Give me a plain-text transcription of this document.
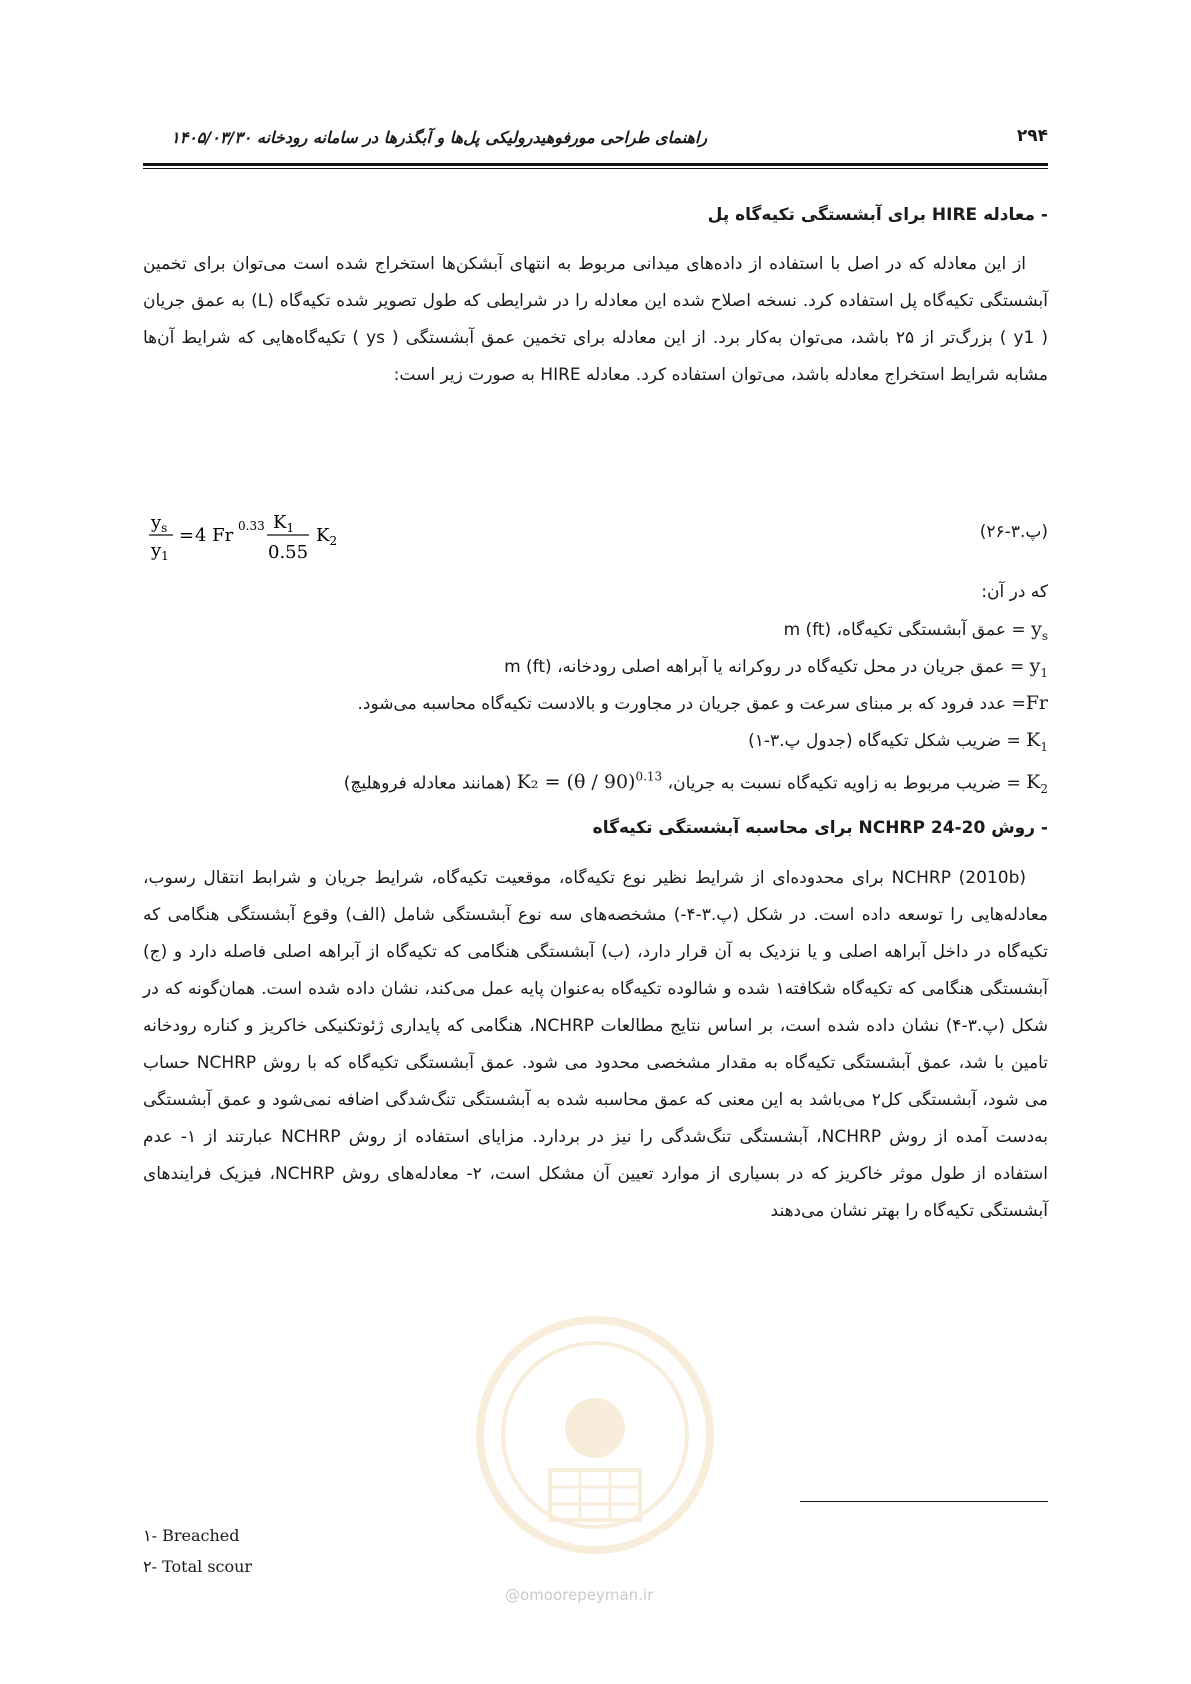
۲۹۴
راهنمای طراحی مورفوهیدرولیکی پل‌ها و آبگذرها در سامانه رودخانه ۱۴۰۵/۰۳/۳۰
- معادله HIRE برای آبشستگی تکیه‌گاه پل

از این معادله که در اصل با استفاده از داده‌های میدانی مربوط به انتهای آبشکن‌ها استخراج شده است می‌توان برای تخمین آبشستگی تکیه‌گاه پل استفاده کرد. نسخه اصلاح شده این معادله را در شرایطی که طول تصویر شده تکیه‌گاه (L) به عمق جریان ( y1 ) بزرگ‌تر از ۲۵ باشد، می‌توان به‌کار برد. از این معادله برای تخمین عمق آبشستگی ( ys ) تکیه‌گاه‌هایی که شرایط آن‌ها مشابه شرایط استخراج معادله باشد، می‌توان استفاده کرد. معادله HIRE به صورت زیر است:

$y_s$
$y_1$
= 4 Fr 0.33 $K_1$
0.55
$K_2$	(پ.۳-۲۶)
که در آن:
$y_s$ = عمق آبشستگی تکیه‌گاه، (ft) m
$y_1$ = عمق جریان در محل تکیه‌گاه در روکرانه یا آبراهه اصلی رودخانه، (ft) m
Fr= عدد فرود که بر مبنای سرعت و عمق جریان در مجاورت و بالادست تکیه‌گاه محاسبه می‌شود.
$K_1$ = ضریب شکل تکیه‌گاه (جدول پ.۳-۱)
$K_2$ = ضریب مربوط به زاویه تکیه‌گاه نسبت به جریان، K₂ = (θ / 90)$^{0.13}$ (همانند معادله فروهلیچ)
- روش NCHRP 24-20 برای محاسبه آبشستگی تکیه‌گاه

NCHRP (2010b) برای محدوده‌ای از شرایط نظیر نوع تکیه‌گاه، موقعیت تکیه‌گاه، شرایط جریان و شرابط انتقال رسوب، معادله‌هایی را توسعه داده است. در شکل (پ.۳-۴-) مشخصه‌های سه نوع آبشستگی شامل (الف) وقوع آبشستگی هنگامی که تکیه‌گاه در داخل آبراهه اصلی و یا نزدیک به آن قرار دارد، (ب) آبشستگی هنگامی که تکیه‌گاه از آبراهه اصلی فاصله دارد و (ج) آبشستگی هنگامی که تکیه‌گاه شکافته۱ شده و شالوده تکیه‌گاه به‌عنوان پایه عمل می‌کند، نشان داده شده است. همان‌گونه که در شکل (پ.۳-۴) نشان داده شده است، بر اساس نتایج مطالعات NCHRP، هنگامی که پایداری ژئوتکنیکی خاکریز و کناره رودخانه تامین با شد، عمق آبشستگی تکیه‌گاه به مقدار مشخصی محدود می شود. عمق آبشستگی تکیه‌گاه که با روش NCHRP حساب می شود، آبشستگی کل۲ می‌باشد به این معنی که عمق محاسبه شده به آبشستگی تنگ‌شدگی اضافه نمی‌شود و عمق آبشستگی به‌دست آمده از روش NCHRP، آبشستگی تنگ‌شدگی را نیز در بردارد. مزایای استفاده از روش NCHRP عبارتند از ۱- عدم استفاده از طول موثر خاکریز که در بسیاری از موارد تعیین آن مشکل است، ۲- معادله‌های روش NCHRP، فیزیک فرایندهای آبشستگی تکیه‌گاه را بهتر نشان می‌دهند

@omoorepeyman.ir
۱- Breached
۲- Total scour
